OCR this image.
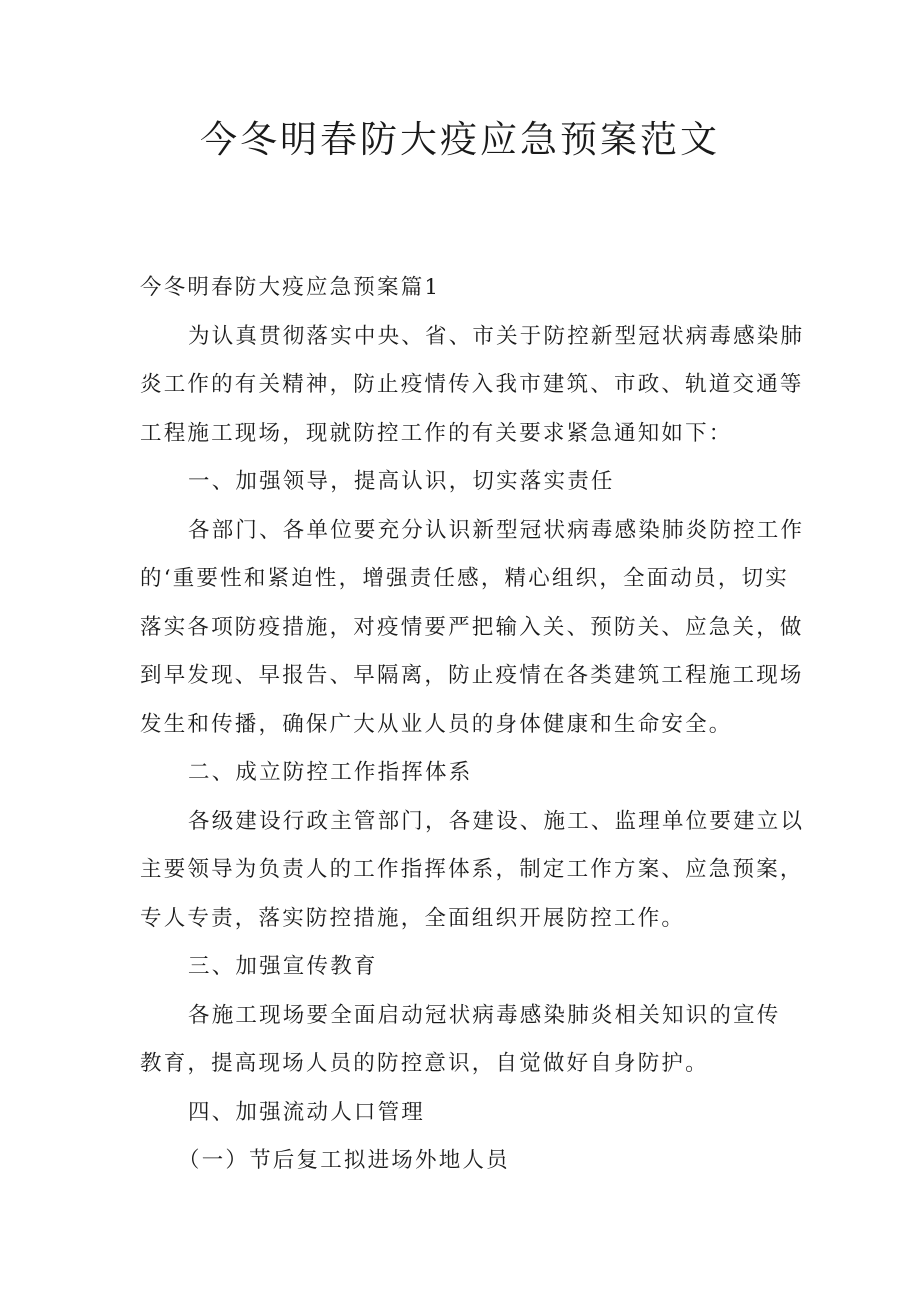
今冬明春防大疫应急预案范文
今冬明春防大疫应急预案篇1
为认真贯彻落实中央、省、市关于防控新型冠状病毒感染肺
炎工作的有关精神，防止疫情传入我市建筑、市政、轨道交通等
工程施工现场，现就防控工作的有关要求紧急通知如下：
一、加强领导，提高认识，切实落实责任
各部门、各单位要充分认识新型冠状病毒感染肺炎防控工作
的‘重要性和紧迫性，增强责任感，精心组织，全面动员，切实
落实各项防疫措施，对疫情要严把输入关、预防关、应急关，做
到早发现、早报告、早隔离，防止疫情在各类建筑工程施工现场
发生和传播，确保广大从业人员的身体健康和生命安全。
二、成立防控工作指挥体系
各级建设行政主管部门，各建设、施工、监理单位要建立以
主要领导为负责人的工作指挥体系，制定工作方案、应急预案，
专人专责，落实防控措施，全面组织开展防控工作。
三、加强宣传教育
各施工现场要全面启动冠状病毒感染肺炎相关知识的宣传
教育，提高现场人员的防控意识，自觉做好自身防护。
四、加强流动人口管理
（一）节后复工拟进场外地人员
